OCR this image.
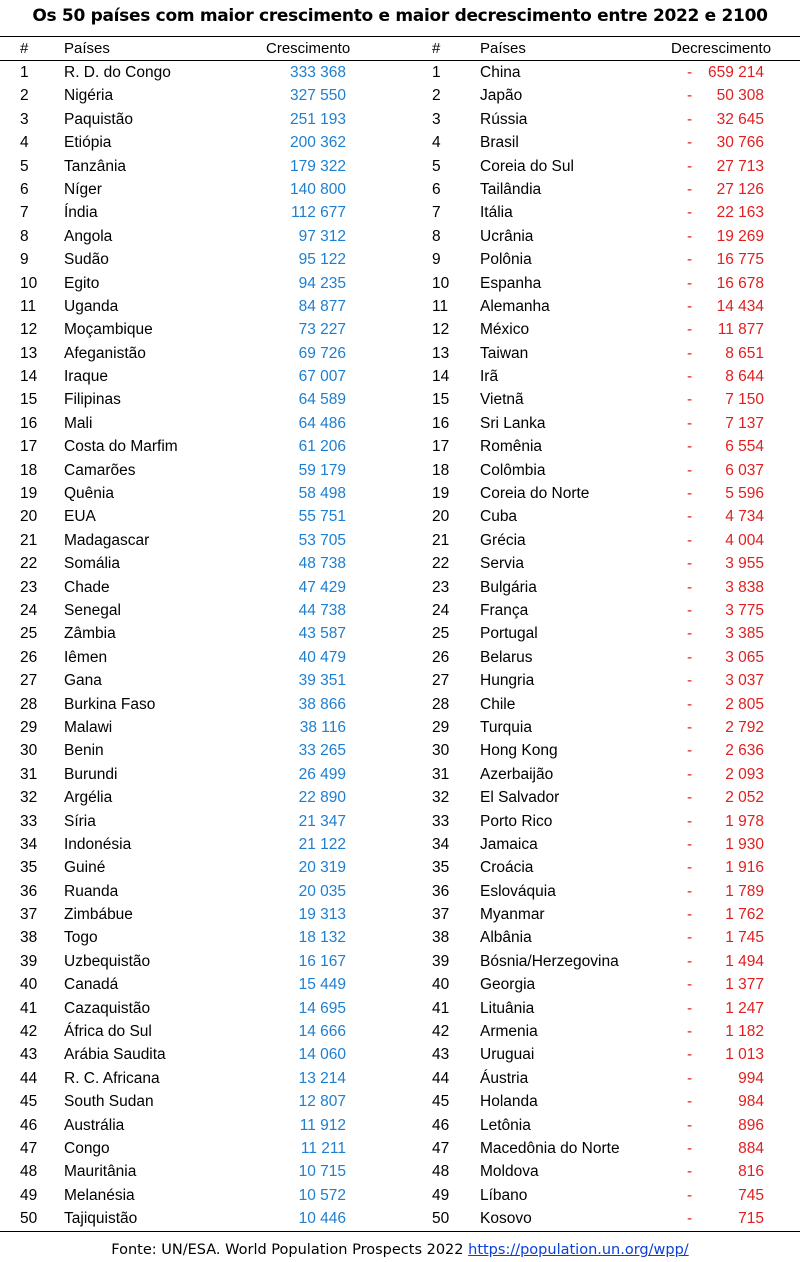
Os 50 países com maior crescimento e maior decrescimento entre 2022 e 2100
# Países	Crescimento	#	Países	Decrescimento
1 R. D. do Congo	333 368	1	China	-	659 214
2 Nigéria	327 550	2	Japão	-	50 308
3 Paquistão	251 193	3	Rússia	-	32 645
4 Etiópia	200 362	4	Brasil	-	30 766
5 Tanzânia	179 322	5	Coreia do Sul	-	27 713
6 Níger	140 800	6	Tailândia	-	27 126
7 Índia	112 677	7	Itália	-	22 163
8 Angola	97 312	8	Ucrânia	-	19 269
9 Sudão	95 122	9	Polônia	-	16 775
10 Egito	94 235	10 Espanha	-	16 678
11 Uganda	84 877	11 Alemanha	-	14 434
12 Moçambique	73 227	12 México	-	11 877
13 Afeganistão	69 726	13 Taiwan	-	8 651
14 Iraque	67 007	14 Irã	-	8 644
15 Filipinas	64 589	15 Vietnã	-	7 150
16 Mali	64 486	16 Sri Lanka	-	7 137
17 Costa do Marfim	61 206	17 Romênia	-	6 554
18 Camarões	59 179	18 Colômbia	-	6 037
19 Quênia	58 498	19 Coreia do Norte	-	5 596
20 EUA	55 751	20 Cuba	-	4 734
21 Madagascar	53 705	21 Grécia	-	4 004
22 Somália	48 738	22 Servia	-	3 955
23 Chade	47 429	23 Bulgária	-	3 838
24 Senegal	44 738	24 França	-	3 775
25 Zâmbia	43 587	25 Portugal	-	3 385
26 Iêmen	40 479	26 Belarus	-	3 065
27 Gana	39 351	27 Hungria	-	3 037
28 Burkina Faso	38 866	28 Chile	-	2 805
29 Malawi	38 116	29 Turquia	-	2 792
30 Benin	33 265	30 Hong Kong	-	2 636
31 Burundi	26 499	31 Azerbaijão	-	2 093
32 Argélia	22 890	32 El Salvador	-	2 052
33 Síria	21 347	33 Porto Rico	-	1 978
34 Indonésia	21 122	34 Jamaica	-	1 930
35 Guiné	20 319	35 Croácia	-	1 916
36 Ruanda	20 035	36 Eslováquia	-	1 789
37 Zimbábue	19 313	37 Myanmar	-	1 762
38 Togo	18 132	38 Albânia	-	1 745
39 Uzbequistão	16 167	39 Bósnia/Herzegovina	-	1 494
40 Canadá	15 449	40 Georgia	-	1 377
41 Cazaquistão	14 695	41 Lituânia	-	1 247
42 África do Sul	14 666	42 Armenia	-	1 182
43 Arábia Saudita	14 060	43 Uruguai	-	1 013
44 R. C. Africana	13 214	44 Áustria	-	994
45 South Sudan	12 807	45 Holanda	-	984
46 Austrália	11 912	46 Letônia	-	896
47 Congo	11 211	47 Macedônia do Norte	-	884
48 Mauritânia	10 715	48 Moldova	-	816
49 Melanésia	10 572	49 Líbano	-	745
50 Tajiquistão	10 446	50 Kosovo	-	715
Fonte: UN/ESA. World Population Prospects 2022 https://population.un.org/wpp/
